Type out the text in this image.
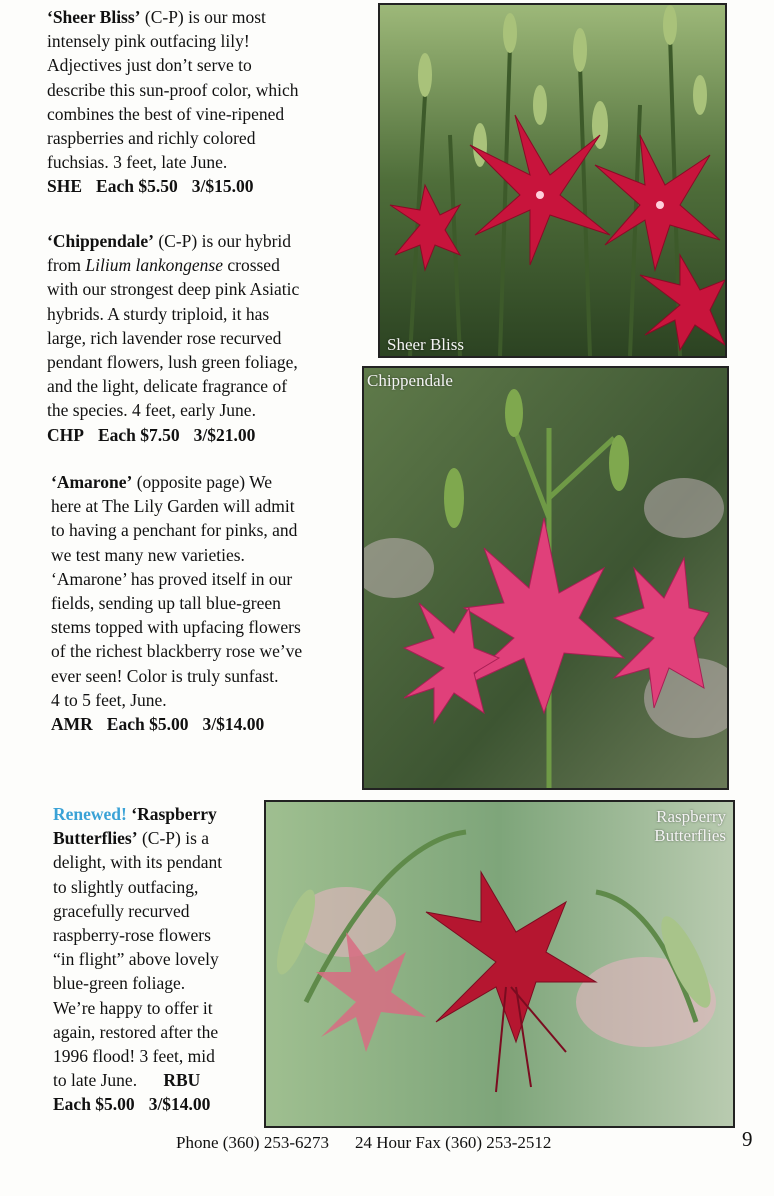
‘Sheer Bliss’ (C-P) is our most
intensely pink outfacing lily!
Adjectives just don’t serve to
describe this sun-proof color, which
combines the best of vine-ripened
raspberries and richly colored
fuchsias. 3 feet, late June.
SHE Each $5.50 3/$15.00
‘Chippendale’ (C-P) is our hybrid
from Lilium lankongense crossed
with our strongest deep pink Asiatic
hybrids. A sturdy triploid, it has
large, rich lavender rose recurved
pendant flowers, lush green foliage,
and the light, delicate fragrance of
the species. 4 feet, early June.
CHP Each $7.50 3/$21.00
‘Amarone’ (opposite page) We
here at The Lily Garden will admit
to having a penchant for pinks, and
we test many new varieties.
‘Amarone’ has proved itself in our
fields, sending up tall blue-green
stems topped with upfacing flowers
of the richest blackberry rose we’ve
ever seen! Color is truly sunfast.
4 to 5 feet, June.
AMR Each $5.00 3/$14.00
Renewed! ‘Raspberry
Butterflies’ (C-P) is a
delight, with its pendant
to slightly outfacing,
gracefully recurved
raspberry-rose flowers
“in flight” above lovely
blue-green foliage.
We’re happy to offer it
again, restored after the
1996 flood! 3 feet, mid
to late June. RBU
Each $5.00 3/$14.00
Sheer Bliss
Chippendale
Raspberry
Butterflies
Phone (360) 253-6273 24 Hour Fax (360) 253-2512	9
